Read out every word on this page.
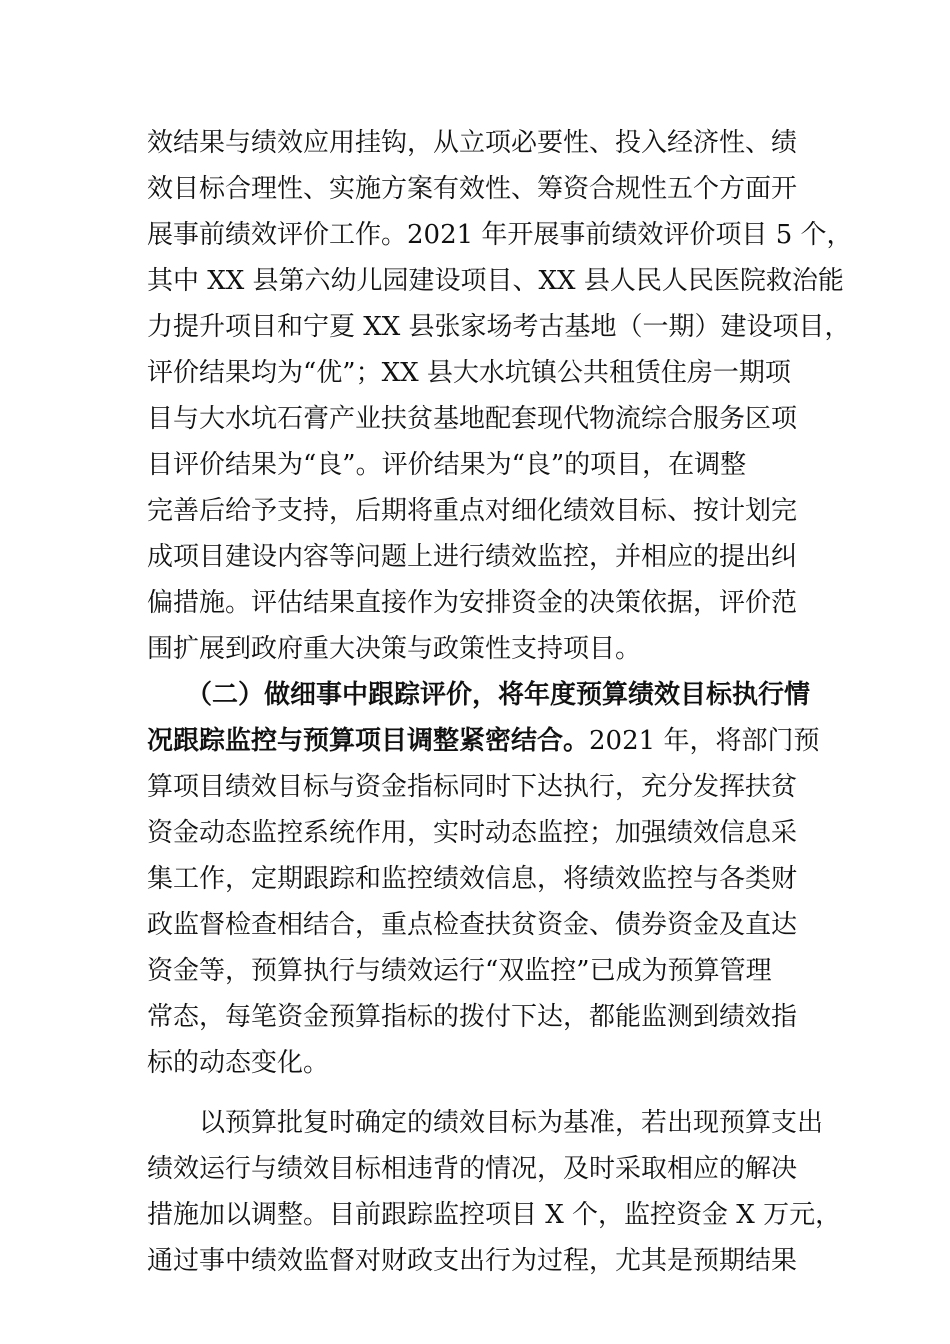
效结果与绩效应用挂钩，从立项必要性、投入经济性、绩
效目标合理性、实施方案有效性、筹资合规性五个方面开
展事前绩效评价工作。2021 年开展事前绩效评价项目 5 个，
其中 XX 县第六幼儿园建设项目、XX 县人民人民医院救治能
力提升项目和宁夏 XX 县张家场考古基地（一期）建设项目，
评价结果均为“优”；XX 县大水坑镇公共租赁住房一期项
目与大水坑石膏产业扶贫基地配套现代物流综合服务区项
目评价结果为“良”。评价结果为“良”的项目，在调整
完善后给予支持，后期将重点对细化绩效目标、按计划完
成项目建设内容等问题上进行绩效监控，并相应的提出纠
偏措施。评估结果直接作为安排资金的决策依据，评价范
围扩展到政府重大决策与政策性支持项目。
　　（二）做细事中跟踪评价，将年度预算绩效目标执行情
况跟踪监控与预算项目调整紧密结合。2021 年，将部门预
算项目绩效目标与资金指标同时下达执行，充分发挥扶贫
资金动态监控系统作用，实时动态监控；加强绩效信息采
集工作，定期跟踪和监控绩效信息，将绩效监控与各类财
政监督检查相结合，重点检查扶贫资金、债券资金及直达
资金等，预算执行与绩效运行“双监控”已成为预算管理
常态，每笔资金预算指标的拨付下达，都能监测到绩效指
标的动态变化。
　　以预算批复时确定的绩效目标为基准，若出现预算支出
绩效运行与绩效目标相违背的情况，及时采取相应的解决
措施加以调整。目前跟踪监控项目 X 个，监控资金 X 万元，
通过事中绩效监督对财政支出行为过程，尤其是预期结果
